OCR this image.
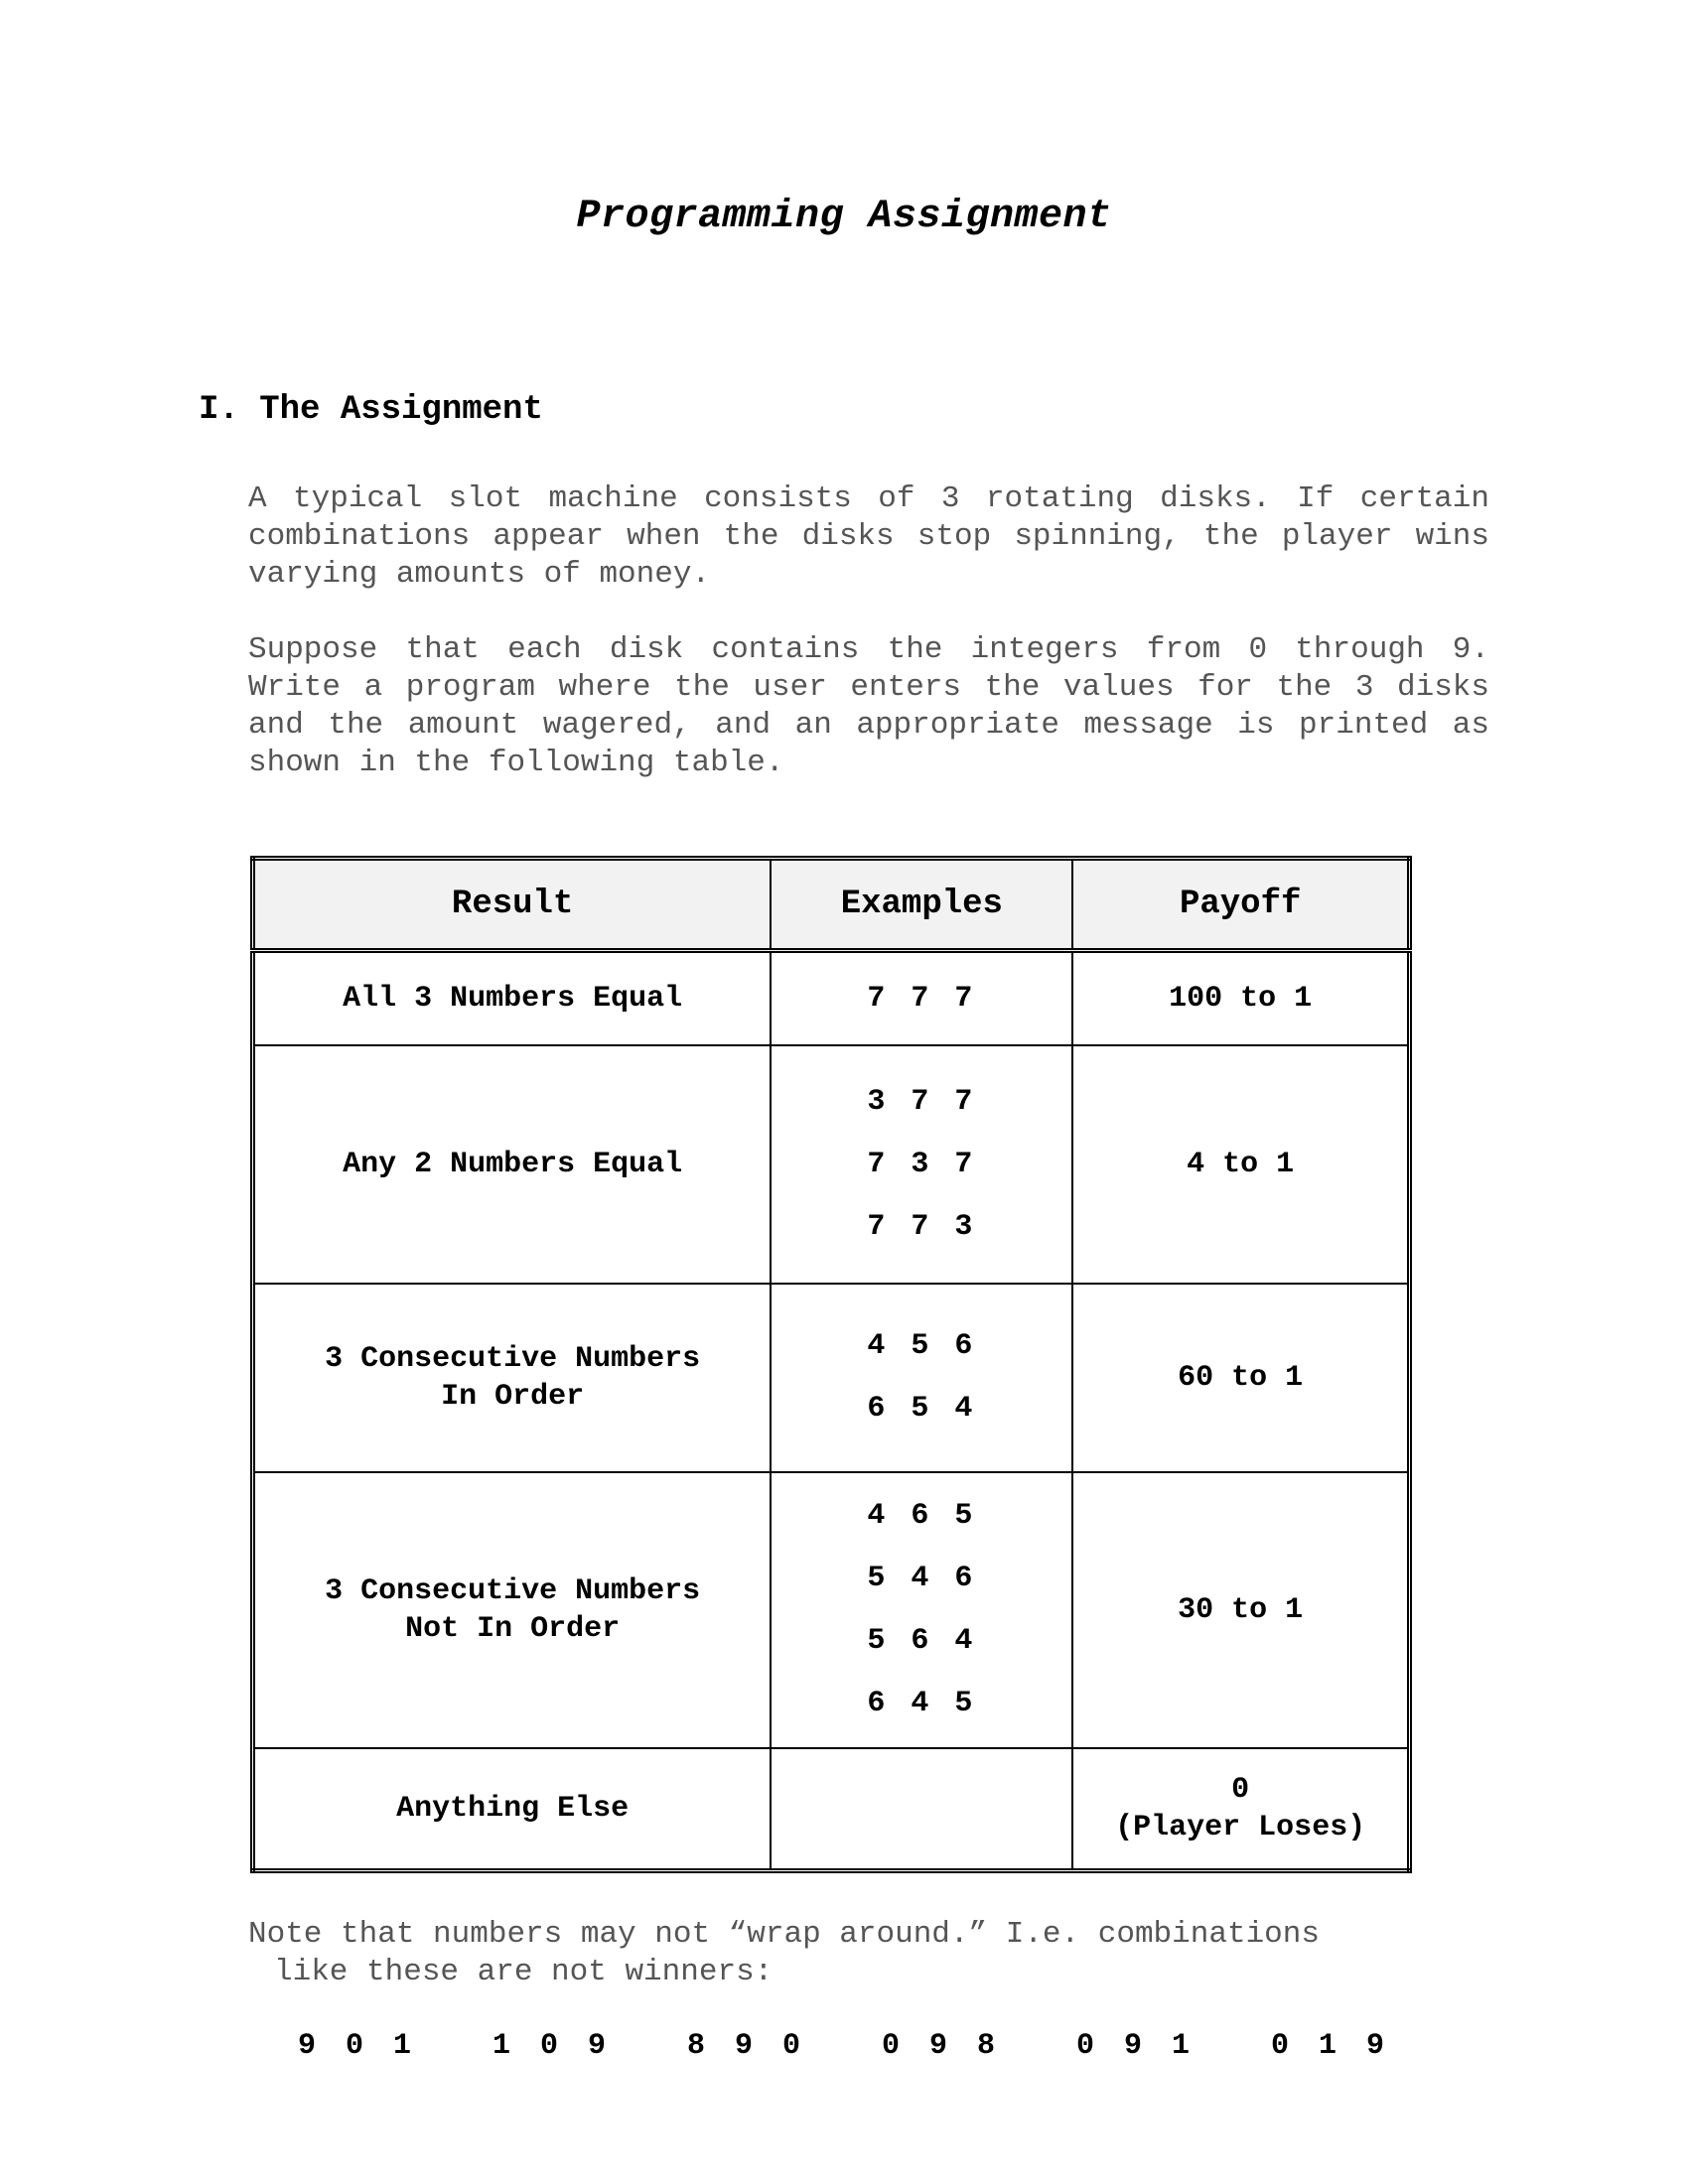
Programming Assignment
I. The Assignment
A typical slot machine consists of 3 rotating disks. If certain combinations appear when the disks stop spinning, the player wins varying amounts of money.
Suppose that each disk contains the integers from 0 through 9. Write a program where the user enters the values for the 3 disks and the amount wagered, and an appropriate message is printed as shown in the following table.
Result	Examples	Payoff

All 3 Numbers Equal	7 7 7	100 to 1

Any 2 Numbers Equal	3 7 7
7 3 7
7 7 3	4 to 1

3 Consecutive Numbers
In Order	4 5 6
6 5 4	60 to 1

3 Consecutive Numbers
Not In Order	4 6 5
5 4 6
5 6 4
6 4 5	30 to 1

Anything Else		0
(Player Loses)
Note that numbers may not “wrap around.” I.e. combinations
like these are not winners:
9 0 1	1 0 9	8 9 0	0 9 8	0 9 1	0 1 9
